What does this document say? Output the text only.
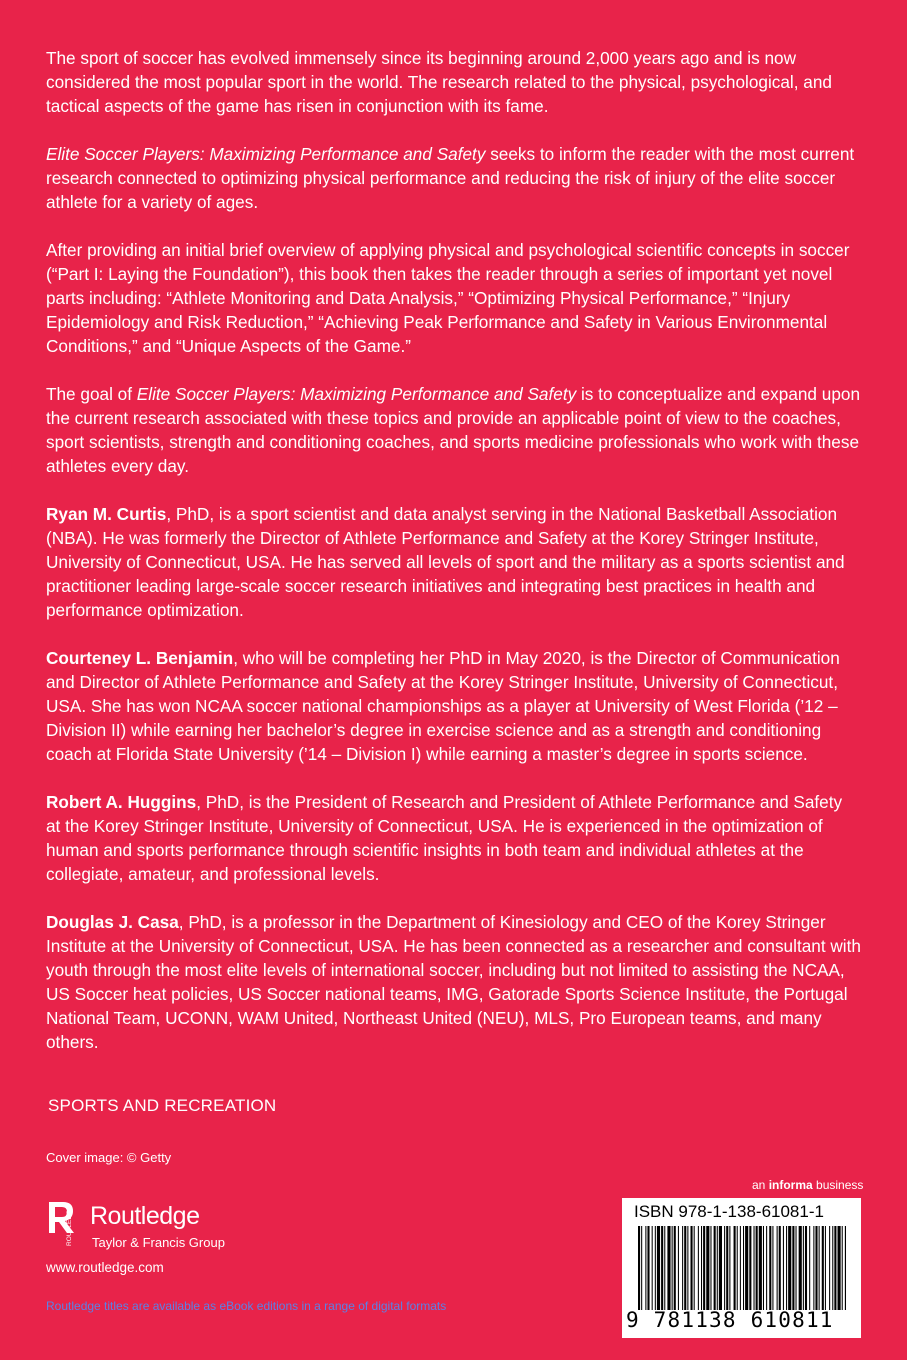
The sport of soccer has evolved immensely since its beginning around 2,000 years ago and is now considered the most popular sport in the world. The research related to the physical, psychological, and tactical aspects of the game has risen in conjunction with its fame.

Elite Soccer Players: Maximizing Performance and Safety seeks to inform the reader with the most current research connected to optimizing physical performance and reducing the risk of injury of the elite soccer athlete for a variety of ages.

After providing an initial brief overview of applying physical and psychological scientific concepts in soccer (“Part I: Laying the Foundation”), this book then takes the reader through a series of important yet novel parts including: “Athlete Monitoring and Data Analysis,” “Optimizing Physical Performance,” “Injury Epidemiology and Risk Reduction,” “Achieving Peak Performance and Safety in Various Environmental Conditions,” and “Unique Aspects of the Game.”

The goal of Elite Soccer Players: Maximizing Performance and Safety is to conceptualize and expand upon the current research associated with these topics and provide an applicable point of view to the coaches, sport scientists, strength and conditioning coaches, and sports medicine professionals who work with these athletes every day.

Ryan M. Curtis, PhD, is a sport scientist and data analyst serving in the National Basketball Association (NBA). He was formerly the Director of Athlete Performance and Safety at the Korey Stringer Institute, University of Connecticut, USA. He has served all levels of sport and the military as a sports scientist and practitioner leading large-scale soccer research initiatives and integrating best practices in health and performance optimization.

Courteney L. Benjamin, who will be completing her PhD in May 2020, is the Director of Communication and Director of Athlete Performance and Safety at the Korey Stringer Institute, University of Connecticut, USA. She has won NCAA soccer national championships as a player at University of West Florida (’12 – Division II) while earning her bachelor’s degree in exercise science and as a strength and conditioning coach at Florida State University (’14 – Division I) while earning a master’s degree in sports science.

Robert A. Huggins, PhD, is the President of Research and President of Athlete Performance and Safety at the Korey Stringer Institute, University of Connecticut, USA. He is experienced in the optimization of human and sports performance through scientific insights in both team and individual athletes at the collegiate, amateur, and professional levels.

Douglas J. Casa, PhD, is a professor in the Department of Kinesiology and CEO of the Korey Stringer Institute at the University of Connecticut, USA. He has been connected as a researcher and consultant with youth through the most elite levels of international soccer, including but not limited to assisting the NCAA, US Soccer heat policies, US Soccer national teams, IMG, Gatorade Sports Science Institute, the Portugal National Team, UCONN, WAM United, Northeast United (NEU), MLS, Pro European teams, and many others.

SPORTS AND RECREATION
Cover image: © Getty
ROUTLEDGE Routledge
Taylor & Francis Group
www.routledge.com
Routledge titles are available as eBook editions in a range of digital formats
an informa business
ISBN 978-1-138-61081-1
9 781138 610811
